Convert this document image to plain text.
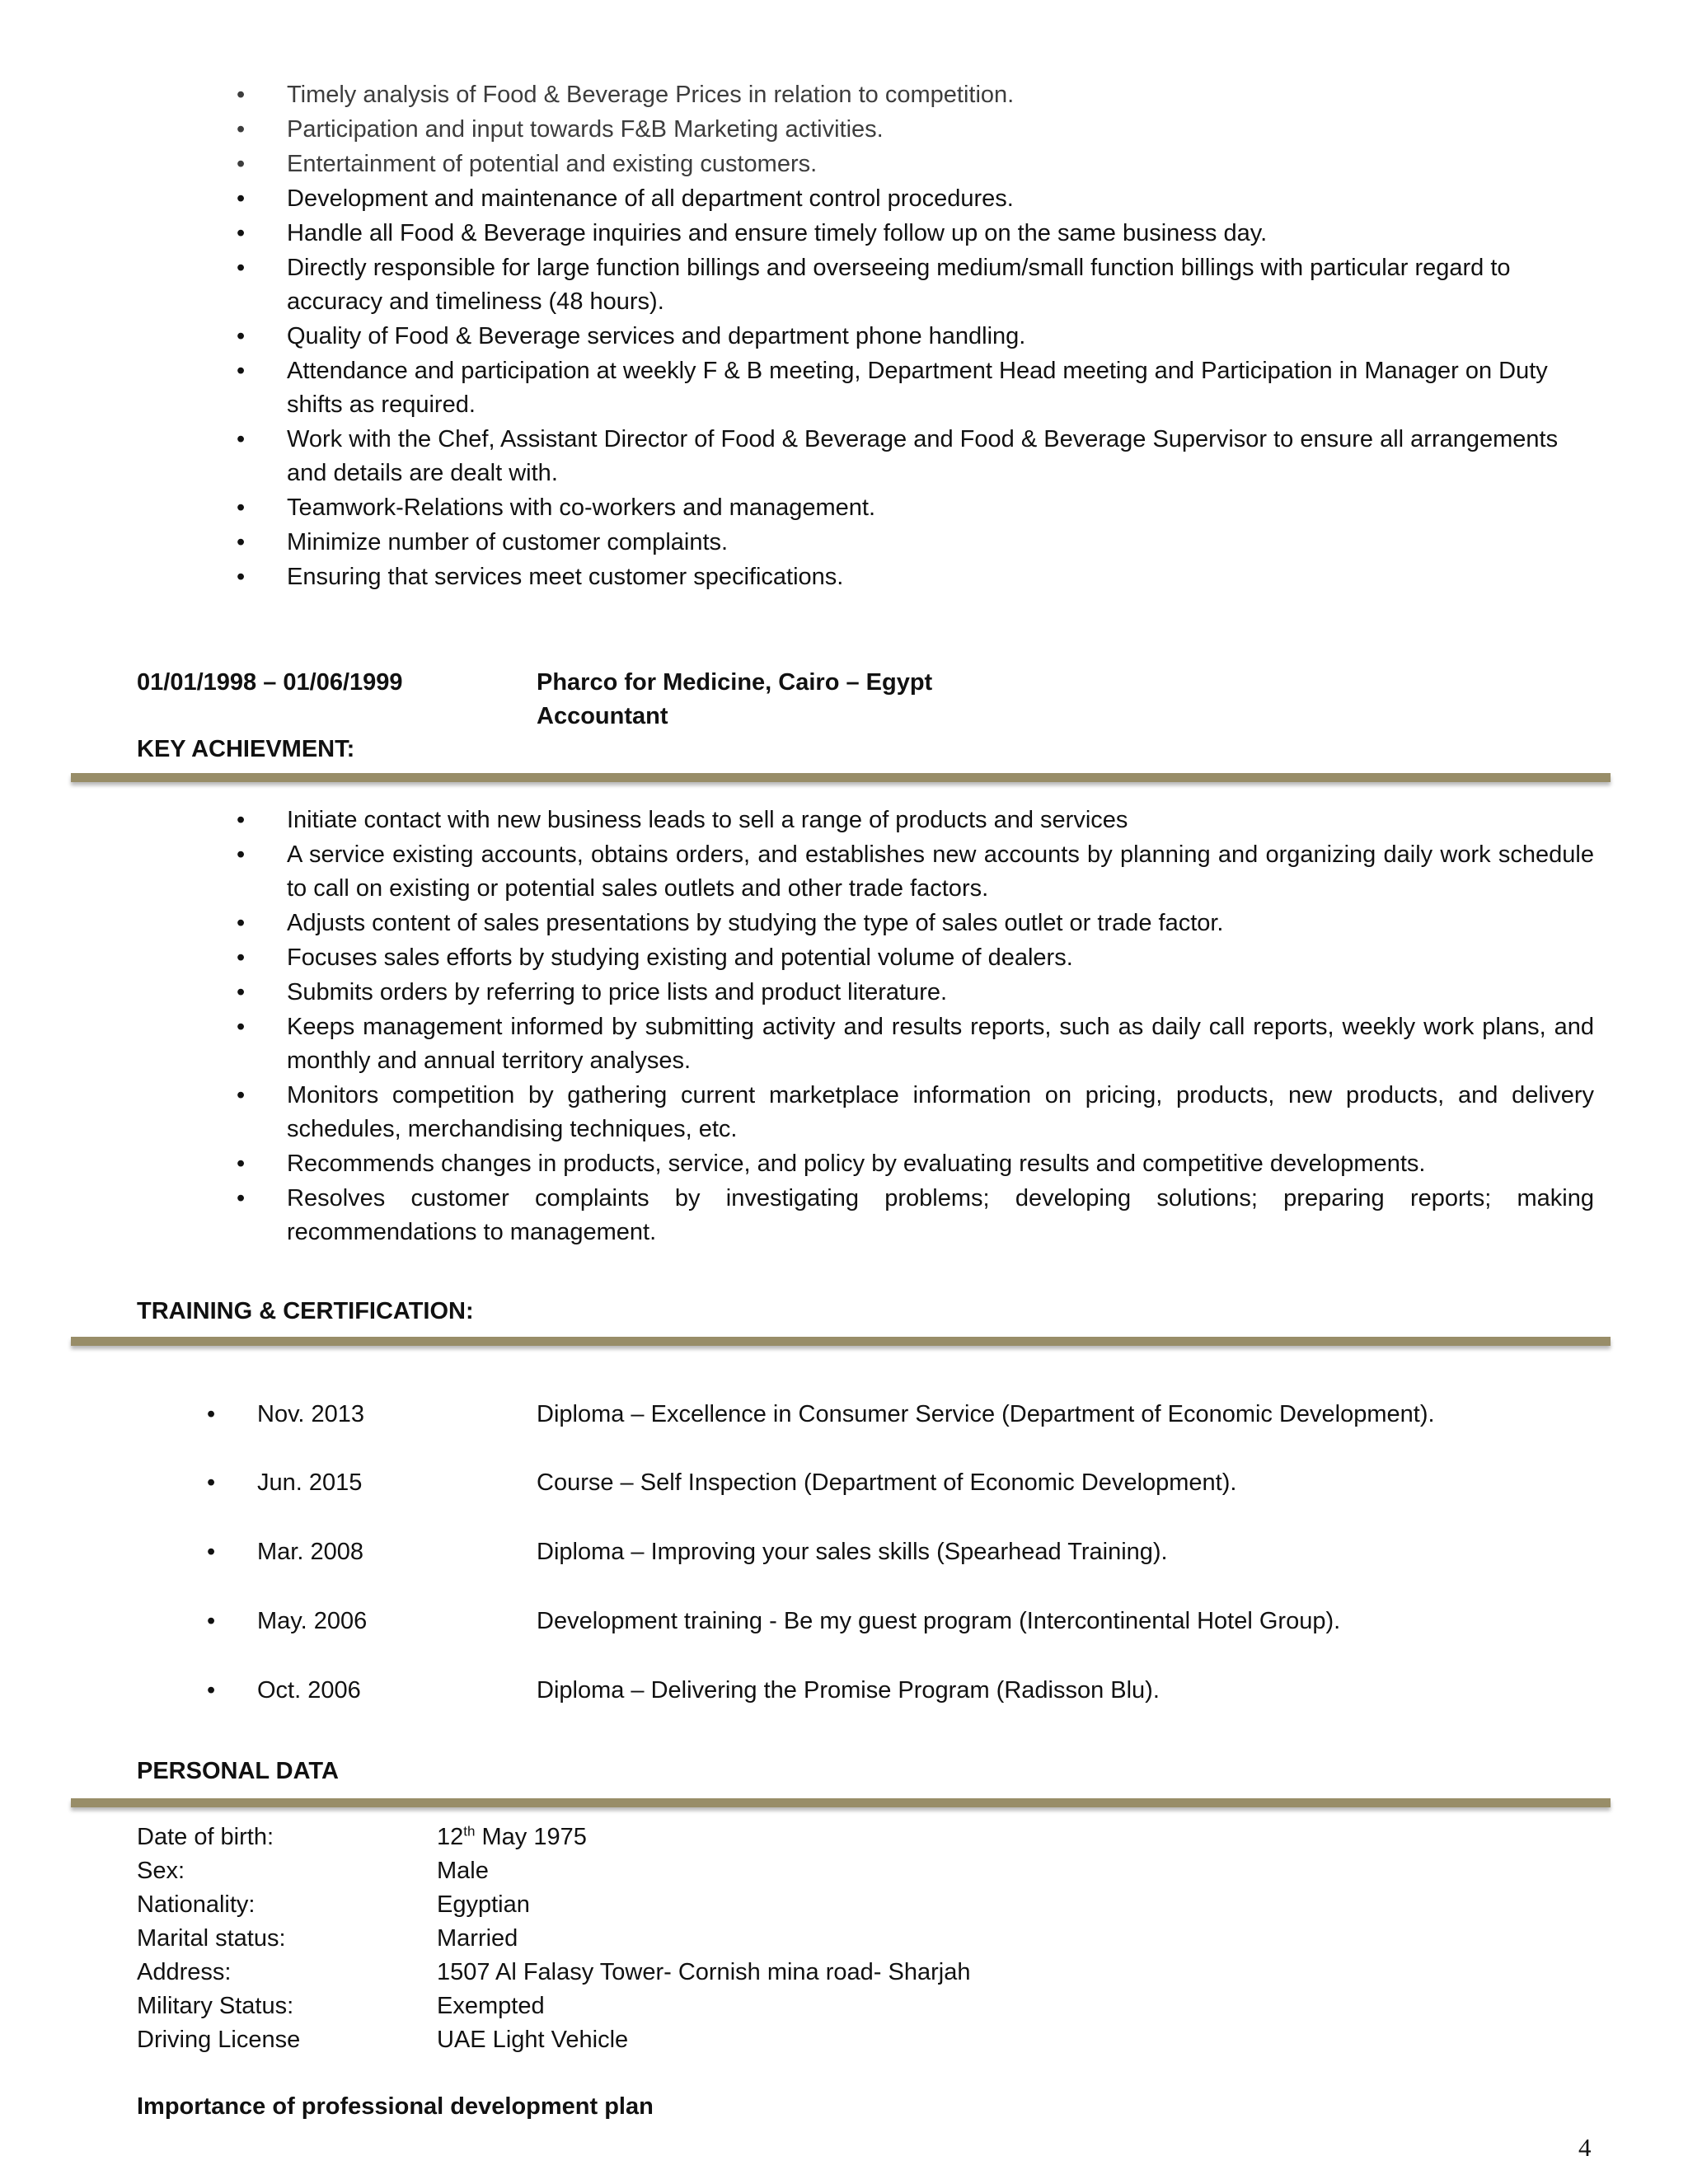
• Timely analysis of Food & Beverage Prices in relation to competition.
• Participation and input towards F&B Marketing activities.
• Entertainment of potential and existing customers.
• Development and maintenance of all department control procedures.
• Handle all Food & Beverage inquiries and ensure timely follow up on the same business day.
• Directly responsible for large function billings and overseeing medium/small function billings with particular regard to accuracy and timeliness (48 hours).
• Quality of Food & Beverage services and department phone handling.
• Attendance and participation at weekly F & B meeting, Department Head meeting and Participation in Manager on Duty shifts as required.
• Work with the Chef, Assistant Director of Food & Beverage and Food & Beverage Supervisor to ensure all arrangements and details are dealt with.
• Teamwork-Relations with co-workers and management.
• Minimize number of customer complaints.
• Ensuring that services meet customer specifications.
01/01/1998 – 01/06/1999	Pharco for Medicine, Cairo – Egypt
Accountant
KEY ACHIEVMENT:
• Initiate contact with new business leads to sell a range of products and services
• A service existing accounts, obtains orders, and establishes new accounts by planning and organizing daily work schedule to call on existing or potential sales outlets and other trade factors.
• Adjusts content of sales presentations by studying the type of sales outlet or trade factor.
• Focuses sales efforts by studying existing and potential volume of dealers.
• Submits orders by referring to price lists and product literature.
• Keeps management informed by submitting activity and results reports, such as daily call reports, weekly work plans, and monthly and annual territory analyses.
• Monitors competition by gathering current marketplace information on pricing, products, new products, and delivery schedules, merchandising techniques, etc.
• Recommends changes in products, service, and policy by evaluating results and competitive developments.
• Resolves customer complaints by investigating problems; developing solutions; preparing reports; making recommendations to management.
TRAINING & CERTIFICATION:
• Nov. 2013	Diploma – Excellence in Consumer Service (Department of Economic Development).
• Jun. 2015	Course – Self Inspection (Department of Economic Development).
• Mar. 2008	Diploma – Improving your sales skills (Spearhead Training).
• May. 2006	Development training - Be my guest program (Intercontinental Hotel Group).
• Oct. 2006	Diploma – Delivering the Promise Program (Radisson Blu).
PERSONAL DATA
Date of birth:	12th May 1975
Sex:	Male
Nationality:	Egyptian
Marital status:	Married
Address:	1507 Al Falasy Tower- Cornish mina road- Sharjah
Military Status:	Exempted
Driving License	UAE Light Vehicle
Importance of professional development plan
4
